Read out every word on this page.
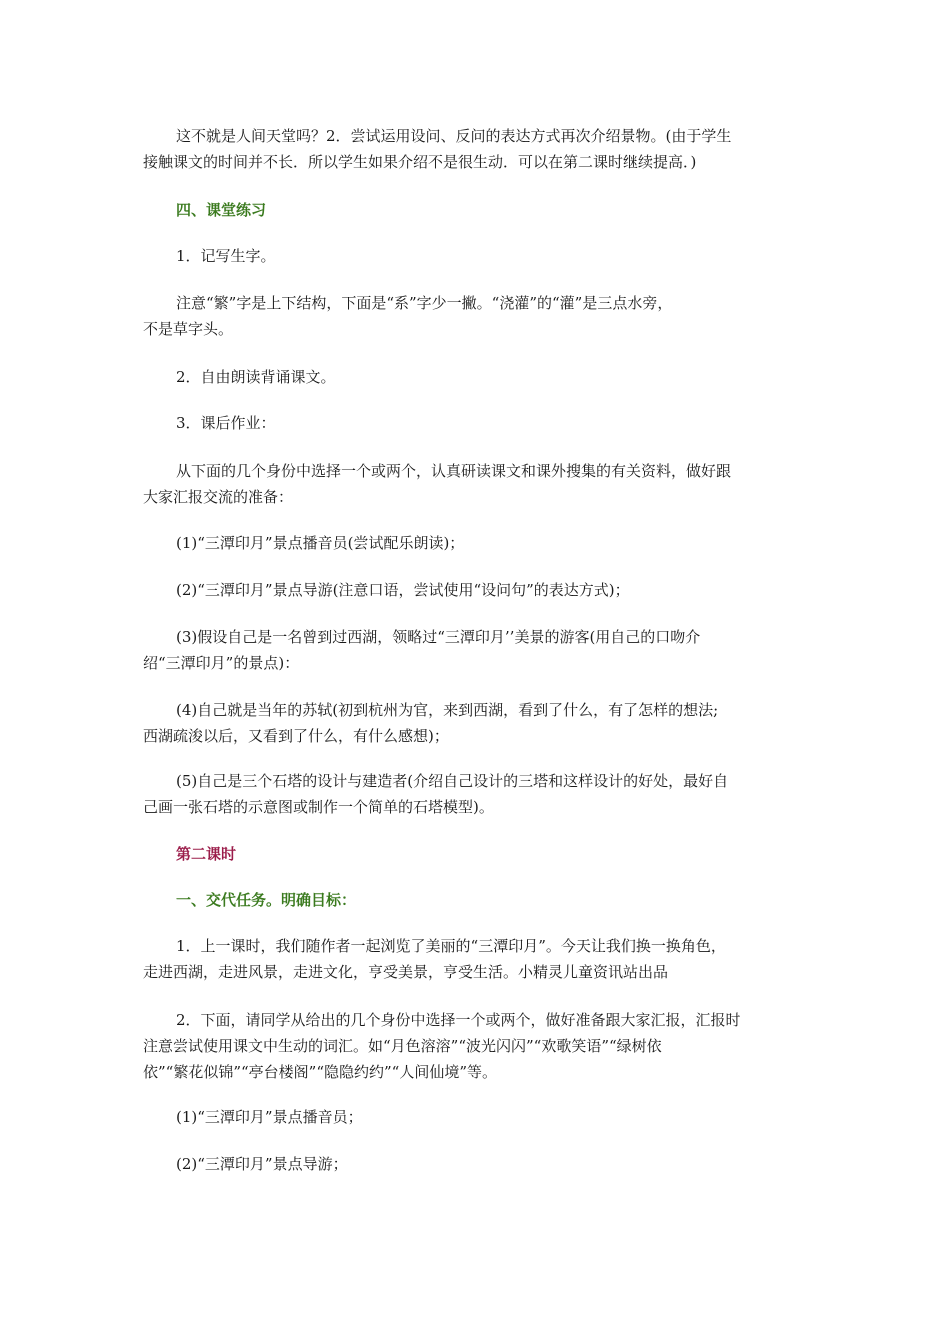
这不就是人间天堂吗？2．尝试运用设问、反问的表达方式再次介绍景物。(由于学生
接触课文的时间并不长．所以学生如果介绍不是很生动．可以在第二课时继续提高．)

四、课堂练习

1．记写生字。

注意“繁”字是上下结构，下面是“系”字少一撇。“浇灌”的“灌”是三点水旁，
不是草字头。

2．自由朗读背诵课文。

3．课后作业：

从下面的几个身份中选择一个或两个，认真研读课文和课外搜集的有关资料，做好跟
大家汇报交流的准备：

(1)“三潭印月”景点播音员(尝试配乐朗读)；

(2)“三潭印月”景点导游(注意口语，尝试使用“设问句”的表达方式)；

(3)假设自己是一名曾到过西湖，领略过“三潭印月’’美景的游客(用自己的口吻介
绍“三潭印月”的景点)：

(4)自己就是当年的苏轼(初到杭州为官，来到西湖，看到了什么，有了怎样的想法;
西湖疏浚以后，又看到了什么，有什么感想)；

(5)自己是三个石塔的设计与建造者(介绍自己设计的三塔和这样设计的好处，最好自
己画一张石塔的示意图或制作一个简单的石塔模型)。

第二课时

一、交代任务。明确目标：

1．上一课时，我们随作者一起浏览了美丽的“三潭印月”。今天让我们换一换角色，
走进西湖，走进风景，走进文化，亨受美景，亨受生活。小精灵儿童资讯站出品

2．下面，请同学从给出的几个身份中选择一个或两个，做好准备跟大家汇报，汇报时
注意尝试使用课文中生动的词汇。如“月色溶溶”“波光闪闪”“欢歌笑语”“绿树依
依”“繁花似锦”“亭台楼阁”“隐隐约约”“人间仙境”等。

(1)“三潭印月”景点播音员；

(2)“三潭印月”景点导游；
